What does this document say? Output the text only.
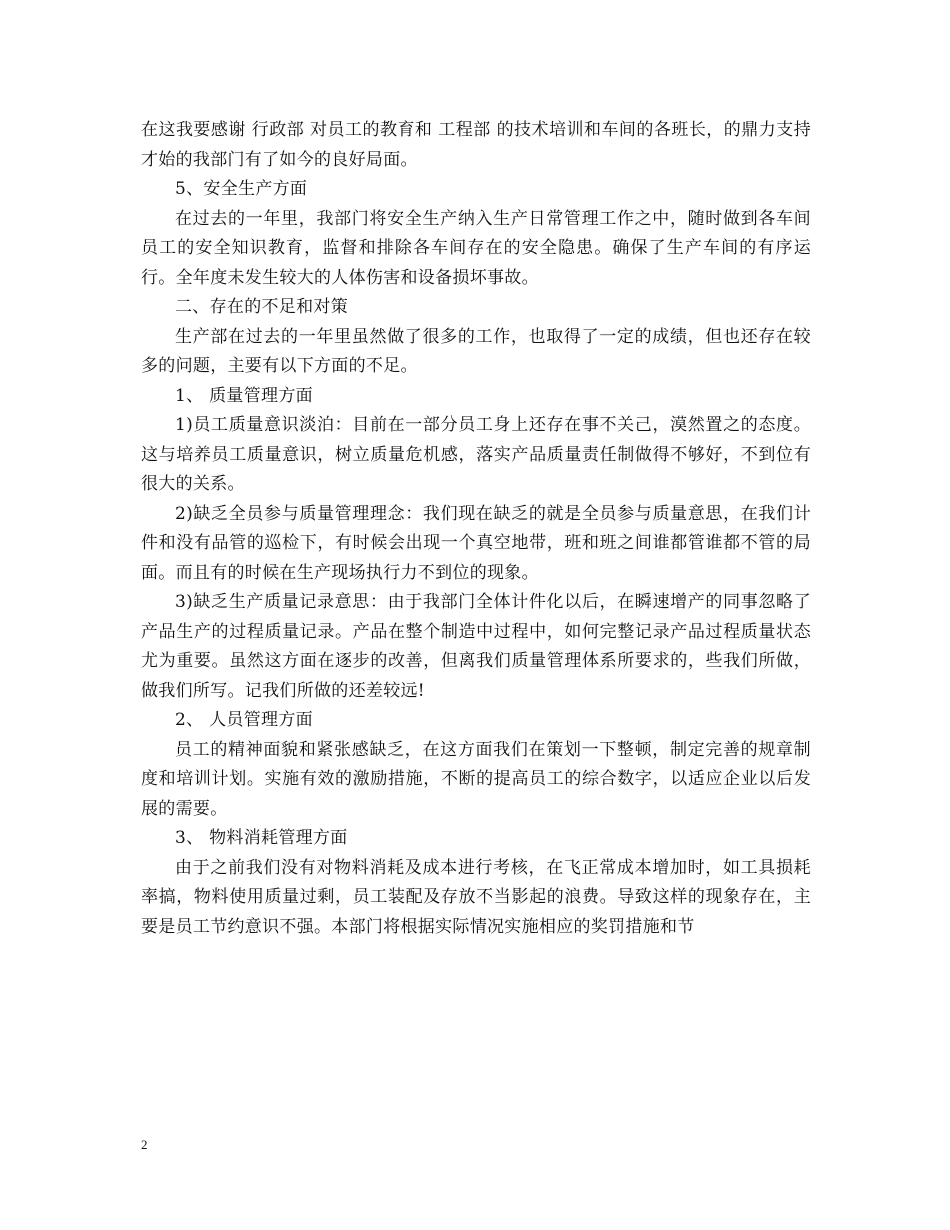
在这我要感谢 行政部 对员工的教育和 工程部 的技术培训和车间的各班长，的鼎力支持才始的我部门有了如今的良好局面。

5、安全生产方面

在过去的一年里，我部门将安全生产纳入生产日常管理工作之中，随时做到各车间员工的安全知识教育，监督和排除各车间存在的安全隐患。确保了生产车间的有序运行。全年度未发生较大的人体伤害和设备损坏事故。

二、存在的不足和对策

生产部在过去的一年里虽然做了很多的工作，也取得了一定的成绩，但也还存在较多的问题，主要有以下方面的不足。

1、 质量管理方面

1)员工质量意识淡泊：目前在一部分员工身上还存在事不关己，漠然置之的态度。这与培养员工质量意识，树立质量危机感，落实产品质量责任制做得不够好，不到位有很大的关系。

2)缺乏全员参与质量管理理念：我们现在缺乏的就是全员参与质量意思，在我们计件和没有品管的巡检下，有时候会出现一个真空地带，班和班之间谁都管谁都不管的局面。而且有的时候在生产现场执行力不到位的现象。

3)缺乏生产质量记录意思：由于我部门全体计件化以后，在瞬速增产的同事忽略了产品生产的过程质量记录。产品在整个制造中过程中，如何完整记录产品过程质量状态尤为重要。虽然这方面在逐步的改善，但离我们质量管理体系所要求的，些我们所做，做我们所写。记我们所做的还差较远!

2、 人员管理方面

员工的精神面貌和紧张感缺乏，在这方面我们在策划一下整顿，制定完善的规章制度和培训计划。实施有效的激励措施，不断的提高员工的综合数字，以适应企业以后发展的需要。

3、 物料消耗管理方面

由于之前我们没有对物料消耗及成本进行考核，在飞正常成本增加时，如工具损耗率搞，物料使用质量过剩，员工装配及存放不当影起的浪费。导致这样的现象存在，主要是员工节约意识不强。本部门将根据实际情况实施相应的奖罚措施和节

2
